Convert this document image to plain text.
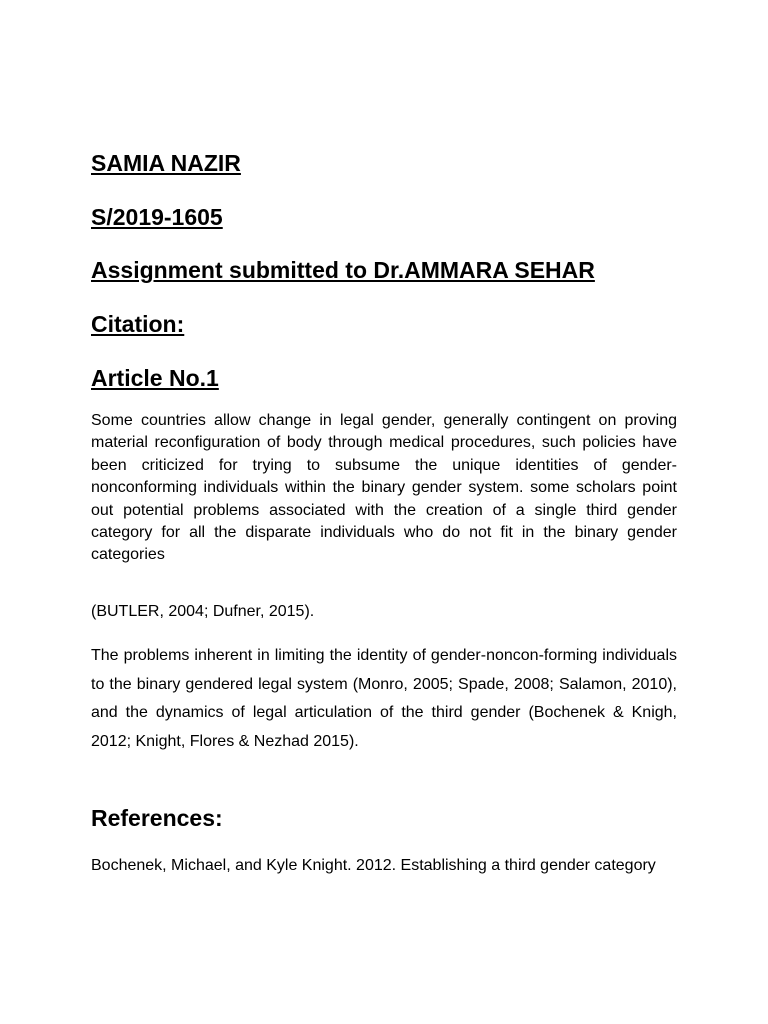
SAMIA NAZIR
S/2019-1605
Assignment submitted to Dr.AMMARA SEHAR
Citation:
Article No.1

Some countries allow change in legal gender, generally contingent on proving material reconfiguration of body through medical procedures, such policies have been criticized for trying to subsume the unique identities of gender-nonconforming individuals within the binary gender system. some scholars point out potential problems associated with the creation of a single third gender category for all the disparate individuals who do not fit in the binary gender categories

(BUTLER, 2004; Dufner, 2015).

The problems inherent in limiting the identity of gender-noncon-forming individuals to the binary gendered legal system (Monro, 2005; Spade, 2008; Salamon, 2010), and the dynamics of legal articulation of the third gender (Bochenek & Knigh, 2012; Knight, Flores & Nezhad 2015).

References:

Bochenek, Michael, and Kyle Knight. 2012. Establishing a third gender category
